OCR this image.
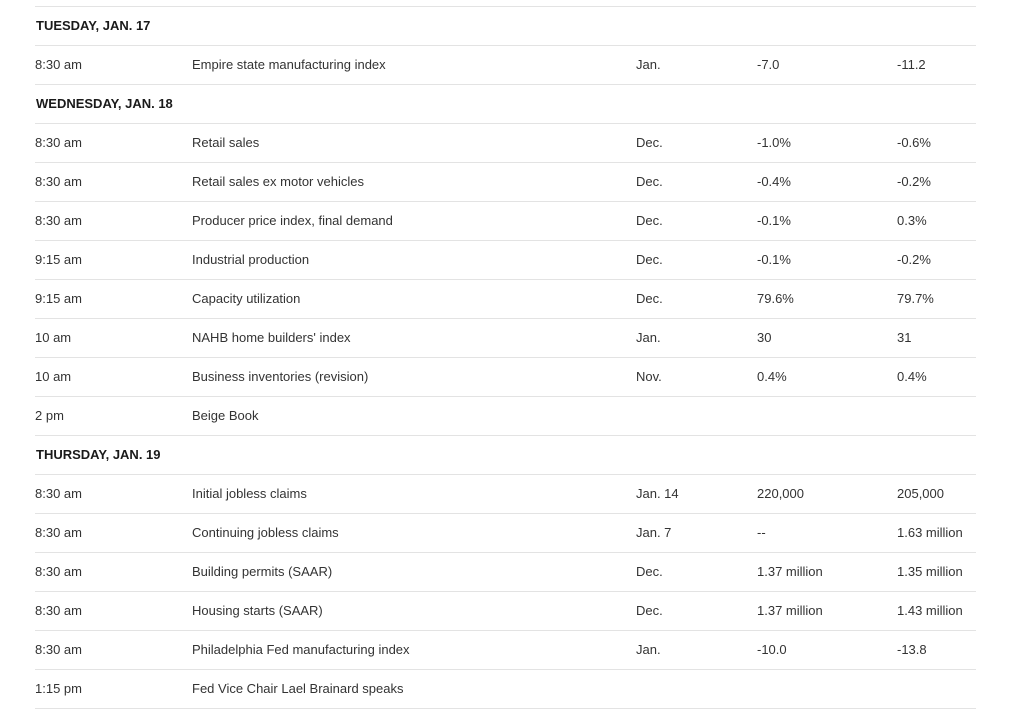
TUESDAY, JAN. 17
8:30 am	Empire state manufacturing index	Jan.	-7.0	-11.2
WEDNESDAY, JAN. 18
8:30 am	Retail sales	Dec.	-1.0%	-0.6%
8:30 am	Retail sales ex motor vehicles	Dec.	-0.4%	-0.2%
8:30 am	Producer price index, final demand	Dec.	-0.1%	0.3%
9:15 am	Industrial production	Dec.	-0.1%	-0.2%
9:15 am	Capacity utilization	Dec.	79.6%	79.7%
10 am	NAHB home builders' index	Jan.	30	31
10 am	Business inventories (revision)	Nov.	0.4%	0.4%
2 pm	Beige Book
THURSDAY, JAN. 19
8:30 am	Initial jobless claims	Jan. 14	220,000	205,000
8:30 am	Continuing jobless claims	Jan. 7	--	1.63 million
8:30 am	Building permits (SAAR)	Dec.	1.37 million	1.35 million
8:30 am	Housing starts (SAAR)	Dec.	1.37 million	1.43 million
8:30 am	Philadelphia Fed manufacturing index	Jan.	-10.0	-13.8
1:15 pm	Fed Vice Chair Lael Brainard speaks
